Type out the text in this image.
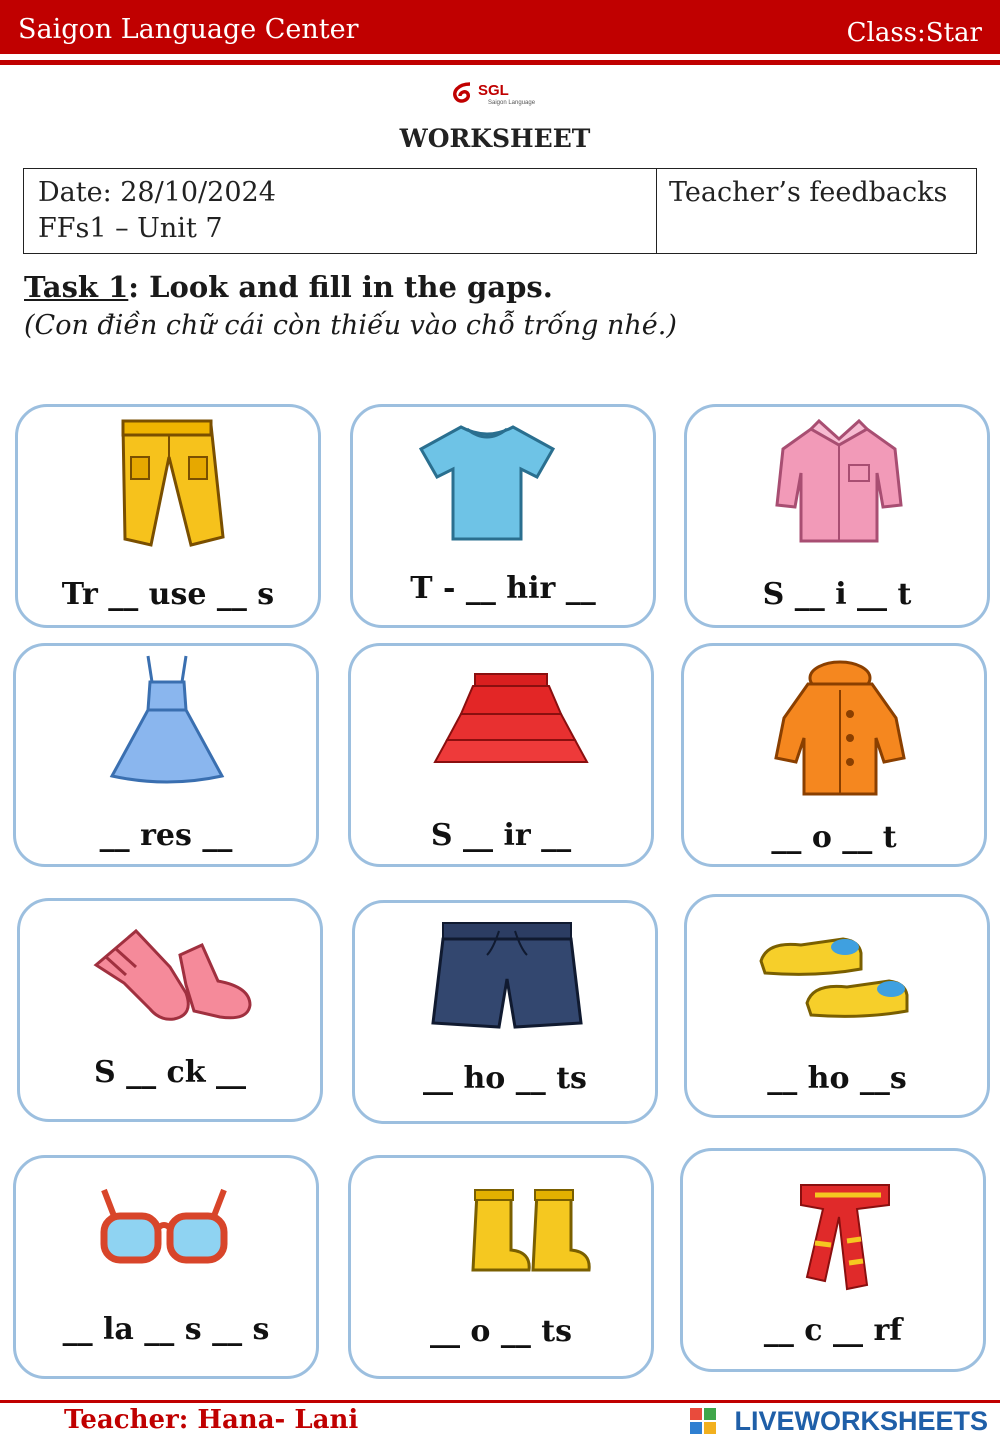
Saigon Language Center	Class:Star
SGL
Saigon Language
WORKSHEET
Date: 28/10/2024
FFs1 – Unit 7
Teacher’s feedbacks
Task 1: Look and fill in the gaps.
(Con điền chữ cái còn thiếu vào chỗ trống nhé.)
Tr __ use __ s	T - __ hir __	S __ i __ t
__ res __	S __ ir __	__ o __ t
S __ ck __	__ ho __ ts	__ ho __s
__ la __ s __ s	__ o __ ts	__ c __ rf
Teacher: Hana- Lani	LIVEWORKSHEETS
